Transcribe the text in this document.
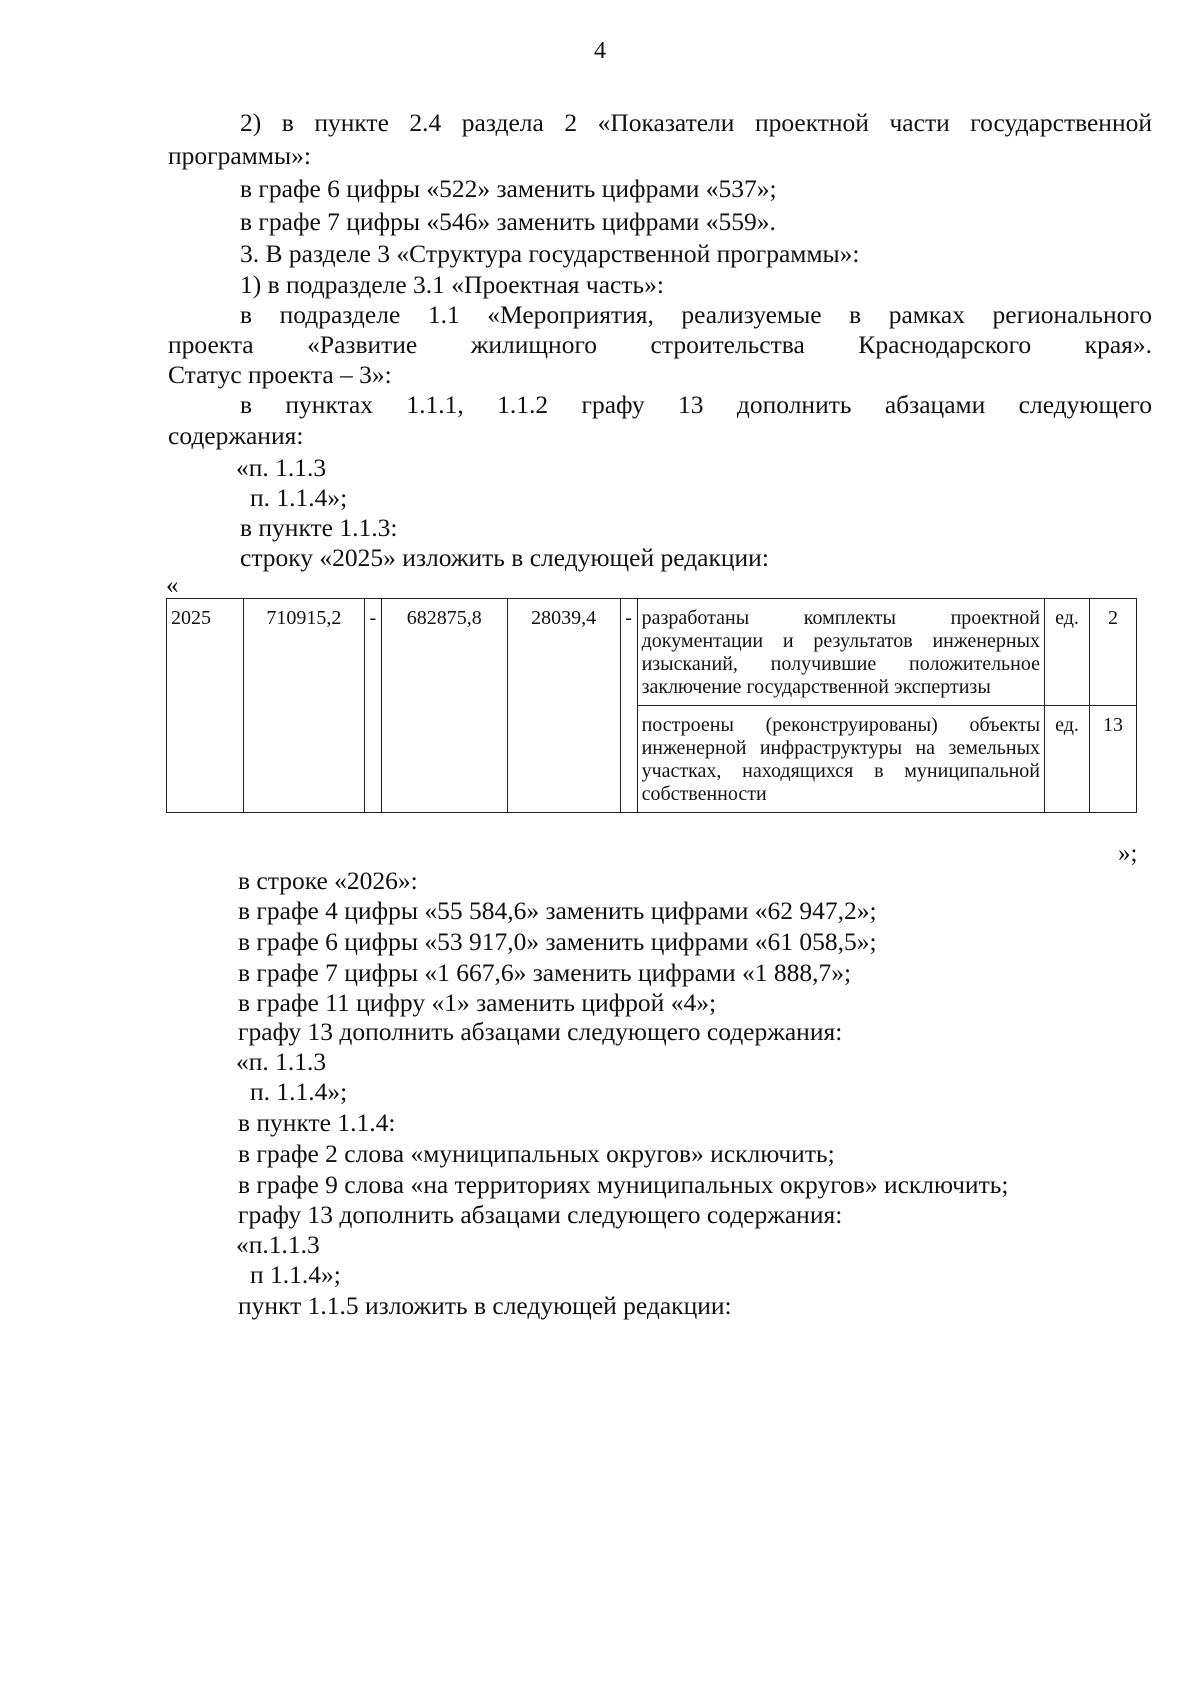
4
2) в пункте 2.4 раздела 2 «Показатели проектной части государственной
программы»:
в графе 6 цифры «522» заменить цифрами «537»;
в графе 7 цифры «546» заменить цифрами «559».
3. В разделе 3 «Структура государственной программы»:
1) в подразделе 3.1 «Проектная часть»:
в подразделе 1.1 «Мероприятия, реализуемые в рамках регионального
проекта «Развитие жилищного строительства Краснодарского края».
Статус проекта – 3»:
в пунктах 1.1.1, 1.1.2 графу 13 дополнить абзацами следующего
содержания:
«п. 1.1.3
п. 1.1.4»;
в пункте 1.1.3:
строку «2025» изложить в следующей редакции:
«
2025	710915,2	-	682875,8	28039,4	-	разработаны комплекты проектной документации и результатов инженерных изысканий, получившие положительное заключение государственной экспертизы	ед.	2
						построены (реконструированы) объекты инженерной инфраструктуры на земельных участках, находящихся в муниципальной собственности	ед.	13
»;
в строке «2026»:
в графе 4 цифры «55 584,6» заменить цифрами «62 947,2»;
в графе 6 цифры «53 917,0» заменить цифрами «61 058,5»;
в графе 7 цифры «1 667,6» заменить цифрами «1 888,7»;
в графе 11 цифру «1» заменить цифрой «4»;
графу 13 дополнить абзацами следующего содержания:
«п. 1.1.3
п. 1.1.4»;
в пункте 1.1.4:
в графе 2 слова «муниципальных округов» исключить;
в графе 9 слова «на территориях муниципальных округов» исключить;
графу 13 дополнить абзацами следующего содержания:
«п.1.1.3
п 1.1.4»;
пункт 1.1.5 изложить в следующей редакции:
